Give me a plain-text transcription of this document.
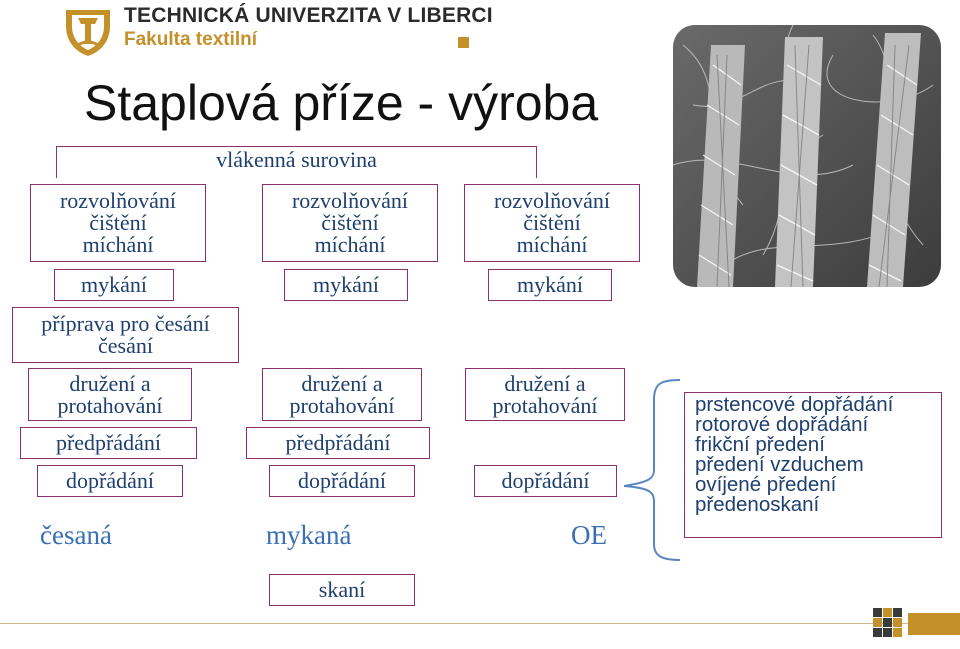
TECHNICKÁ UNIVERZITA V LIBERCI
Fakulta textilní
Staplová příze - výroba
vlákenná surovina
rozvolňování
čištění
míchání
mykání
příprava pro česání
česání
družení a
protahování
předpřádání
dopřádání
česaná
rozvolňování
čištění
míchání
mykání
družení a
protahování
předpřádání
dopřádání
mykaná
skaní
rozvolňování
čištění
míchání
mykání
družení a
protahování
dopřádání
OE
prstencové dopřádání
rotorové dopřádání
frikční předení
předení vzduchem
ovíjené předení
předenoskaní
